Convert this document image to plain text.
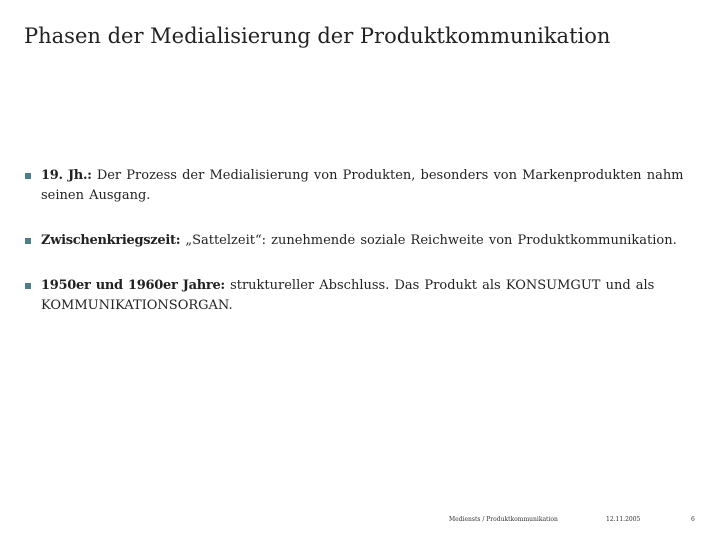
Phasen der Medialisierung der Produktkommunikation
19. Jh.: Der Prozess der Medialisierung von Produkten, besonders von Markenprodukten nahm seinen Ausgang.
Zwischenkriegszeit: „Sattelzeit“: zunehmende soziale Reichweite von Produktkommunikation.
1950er und 1960er Jahre: struktureller Abschluss. Das Produkt als KONSUMGUT und als KOMMUNIKATIONSORGAN.
Mediensts / Produktkommunikation	12.11.2005	6
